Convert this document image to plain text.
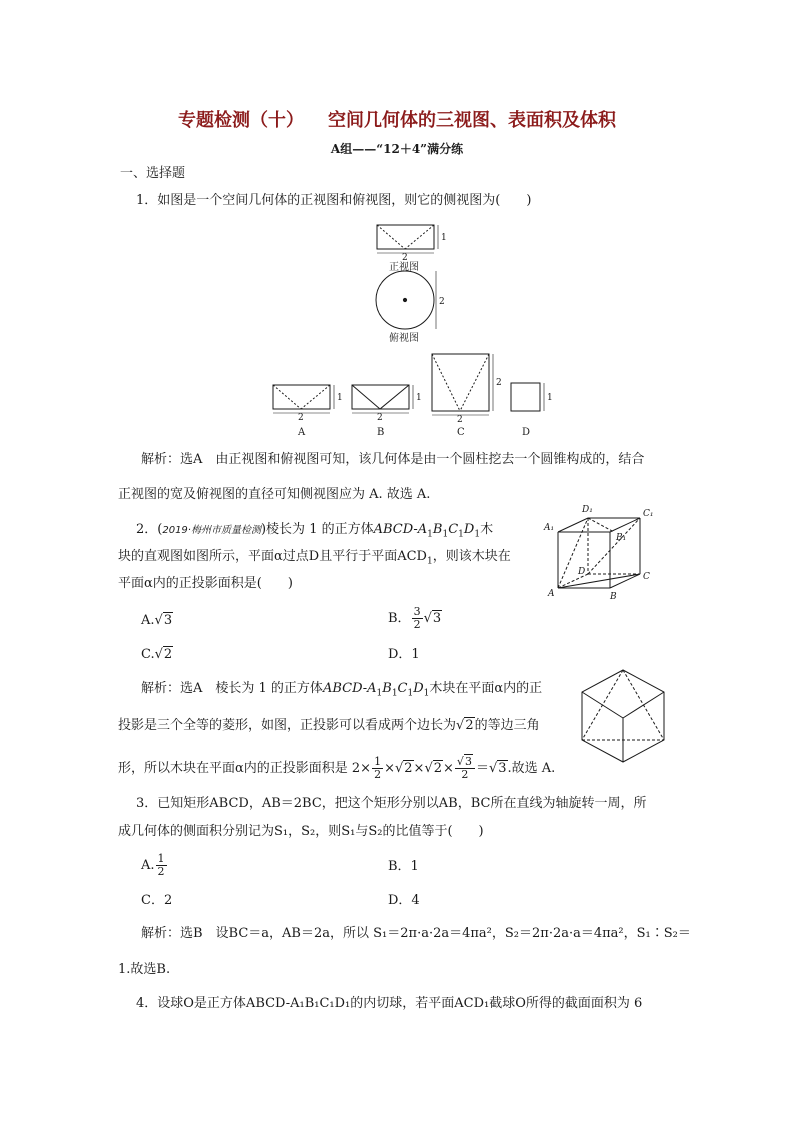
专题检测（十） 空间几何体的三视图、表面积及体积
A组——“12＋4”满分练
一、选择题
1．如图是一个空间几何体的正视图和俯视图，则它的侧视图为(　　)
2
1
2
2
1
2
1
2
2
1
正视图
俯视图
A	B	C	D
解析：选A　由正视图和俯视图可知，该几何体是由一个圆柱挖去一个圆锥构成的，结合
正视图的宽及俯视图的直径可知侧视图应为 A. 故选 A.
2．(2019·梅州市质量检测)棱长为 1 的正方体ABCD-$A_1B_1C_1D_1$木
块的直观图如图所示，平面α过点D且平行于平面$ACD_1$，则该木块在
平面α内的正投影面积是(　　)
A₁
B₁
C₁
D₁
A	B
C
D
A.√3	B． $\frac{3}{2} √3$
C.√2	D．1
解析：选A　棱长为 1 的正方体ABCD-$A_1B_1C_1D_1$木块在平面α内的正
投影是三个全等的菱形，如图，正投影可以看成两个边长为√2的等边三角
形，所以木块在平面α内的正投影面积是 $2\times \frac{1}{2} \times√2\times√2\times \frac{√3}{2} =√3$.故选 A.
3．已知矩形ABCD，AB＝2BC，把这个矩形分别以AB，BC所在直线为轴旋转一周，所
成几何体的侧面积分别记为S₁，S₂，则S₁与S₂的比值等于(　　)
A. $\frac{1}{2}$	B．1
C．2	D．4
解析：选B　设BC＝a，AB＝2a，所以 S₁＝2π·a·2a＝4πa²，S₂＝2π·2a·a＝4πa²，S₁∶S₂＝
1.故选B.
4．设球O是正方体ABCD-A₁B₁C₁D₁的内切球，若平面ACD₁截球O所得的截面面积为 6
